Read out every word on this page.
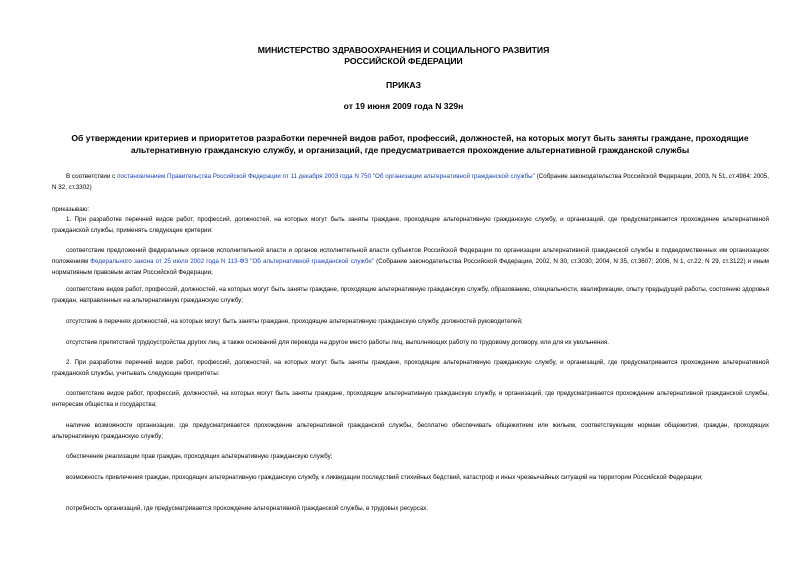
МИНИСТЕРСТВО ЗДРАВООХРАНЕНИЯ И СОЦИАЛЬНОГО РАЗВИТИЯ
РОССИЙСКОЙ ФЕДЕРАЦИИ
ПРИКАЗ
от 19 июня 2009 года N 329н
Об утверждении критериев и приоритетов разработки перечней видов работ, профессий, должностей, на которых могут быть заняты граждане, проходящие альтернативную гражданскую службу, и организаций, где предусматривается прохождение альтернативной гражданской службы

В соответствии с постановлением Правительства Российской Федерации от 11 декабря 2003 года N 750 "Об организации альтернативной гражданской службы" (Собрание законодательства Российской Федерации, 2003, N 51, ст.4984; 2005, N 32, ст.3302)

приказываю:

1. При разработке перечней видов работ, профессий, должностей, на которых могут быть заняты граждане, проходящие альтернативную гражданскую службу, и организаций, где предусматривается прохождение альтернативной гражданской службы, применять следующие критерии:

соответствие предложений федеральных органов исполнительной власти и органов исполнительной власти субъектов Российской Федерации по организации альтернативной гражданской службы в подведомственных им организациях положениям Федерального закона от 25 июля 2002 года N 113-ФЗ "Об альтернативной гражданской службе" (Собрание законодательства Российской Федерации, 2002, N 30, ст.3030; 2004, N 35, ст.3607; 2006, N 1, ст.22; N 29, ст.3122) и иным нормативным правовым актам Российской Федерации;

соответствие видов работ, профессий, должностей, на которых могут быть заняты граждане, проходящие альтернативную гражданскую службу, образованию, специальности, квалификации, опыту предыдущей работы, состоянию здоровья граждан, направленных на альтернативную гражданскую службу;

отсутствие в перечнях должностей, на которых могут быть заняты граждане, проходящие альтернативную гражданскую службу, должностей руководителей;

отсутствие препятствий трудоустройства других лиц, а также оснований для перевода на другое место работы лиц, выполняющих работу по трудовому договору, или для их увольнения.

2. При разработке перечней видов работ, профессий, должностей, на которых могут быть заняты граждане, проходящие альтернативную гражданскую службу, и организаций, где предусматривается прохождение альтернативной гражданской службы, учитывать следующие приоритеты:

соответствие видов работ, профессий, должностей, на которых могут быть заняты граждане, проходящие альтернативную гражданскую службу, и организаций, где предусматривается прохождение альтернативной гражданской службы, интересам общества и государства;

наличие возможности организации, где предусматривается прохождение альтернативной гражданской службы, бесплатно обеспечивать общежитием или жильем, соответствующим нормам общежития, граждан, проходящих альтернативную гражданскую службу;

обеспечение реализации прав граждан, проходящих альтернативную гражданскую службу;

возможность привлечения граждан, проходящих альтернативную гражданскую службу, к ликвидации последствий стихийных бедствий, катастроф и иных чрезвычайных ситуаций на территории Российской Федерации;

потребность организаций, где предусматривается прохождение альтернативной гражданской службы, в трудовых ресурсах.
